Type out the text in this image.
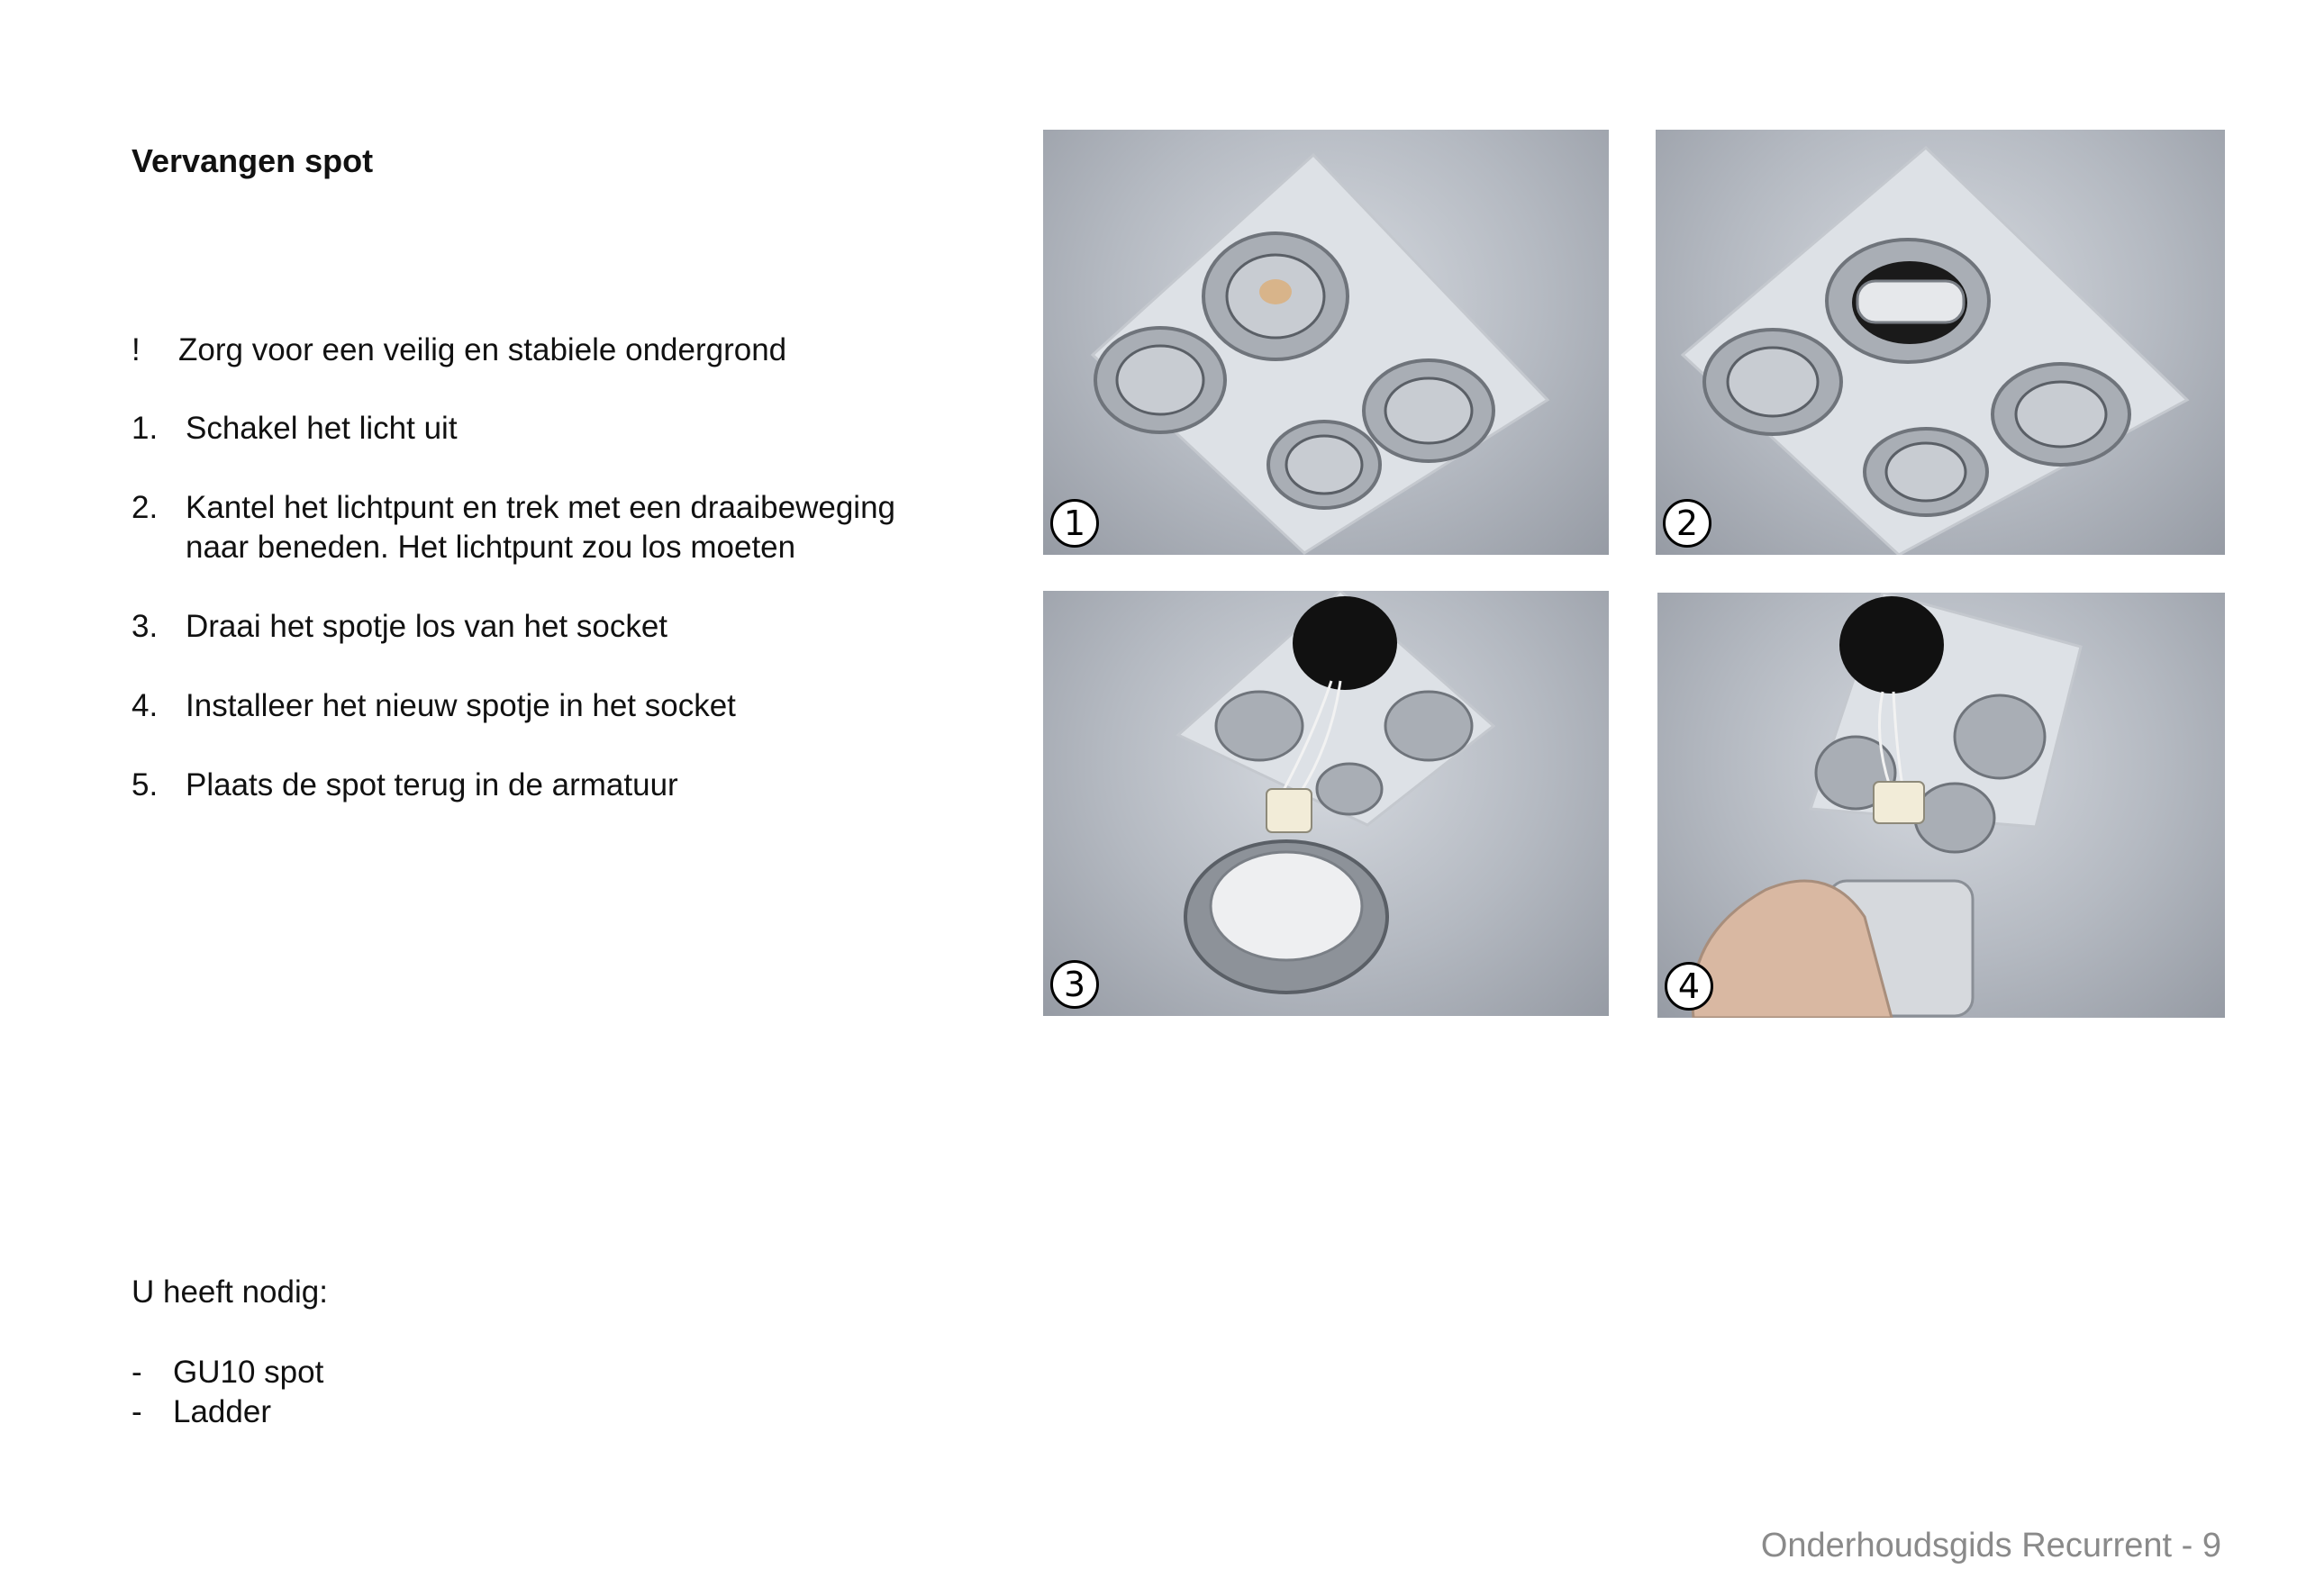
Vervangen spot
! Zorg voor een veilig en stabiele ondergrond
1. Schakel het licht uit
2. Kantel het lichtpunt en trek met een draaibeweging naar beneden. Het lichtpunt zou los moeten
3. Draai het spotje los van het socket
4. Installeer het nieuw spotje in het socket
5. Plaats de spot terug in de armatuur
U heeft nodig:
- GU10 spot
- Ladder
1	2
3	4
Onderhoudsgids Recurrent - 9
